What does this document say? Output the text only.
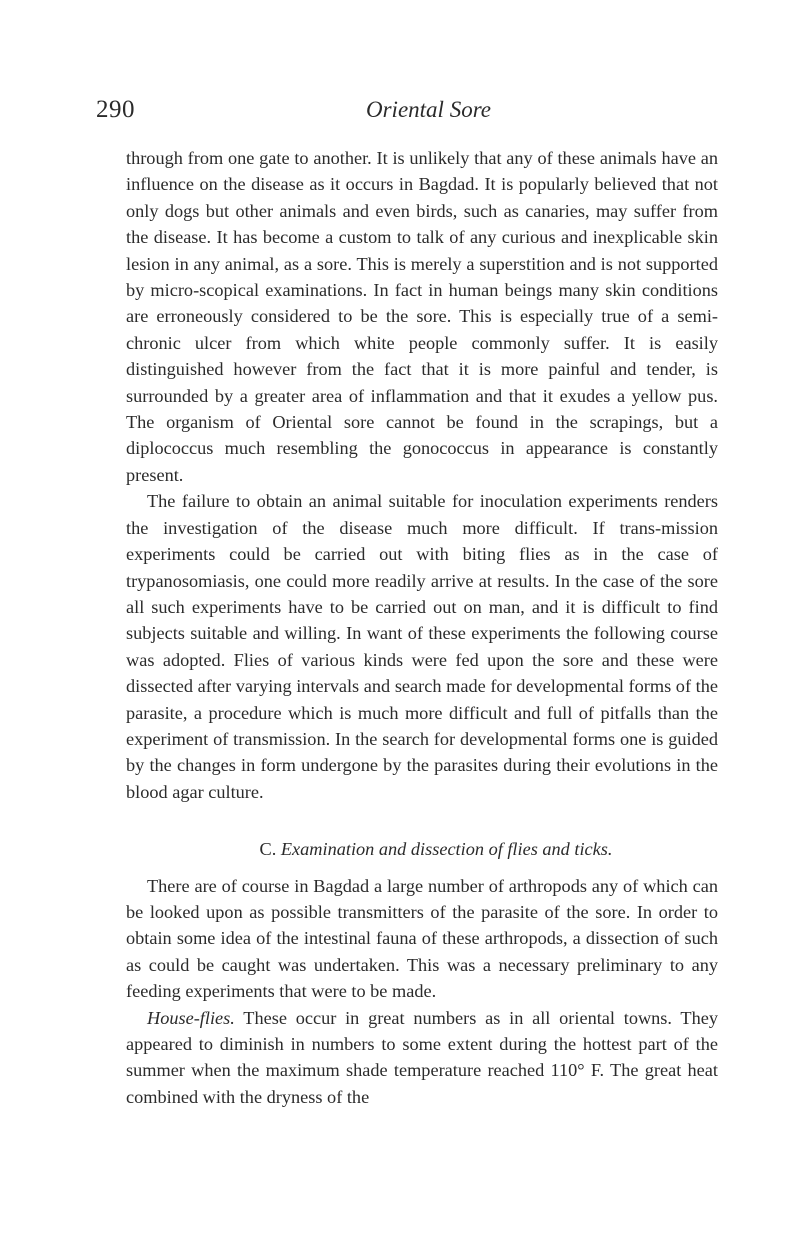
290	Oriental Sore

through from one gate to another. It is unlikely that any of these animals have an influence on the disease as it occurs in Bagdad. It is popularly believed that not only dogs but other animals and even birds, such as canaries, may suffer from the disease. It has become a custom to talk of any curious and inexplicable skin lesion in any animal, as a sore. This is merely a superstition and is not supported by micro-scopical examinations. In fact in human beings many skin conditions are erroneously considered to be the sore. This is especially true of a semi-chronic ulcer from which white people commonly suffer. It is easily distinguished however from the fact that it is more painful and tender, is surrounded by a greater area of inflammation and that it exudes a yellow pus. The organism of Oriental sore cannot be found in the scrapings, but a diplococcus much resembling the gonococcus in appearance is constantly present.

The failure to obtain an animal suitable for inoculation experiments renders the investigation of the disease much more difficult. If trans-mission experiments could be carried out with biting flies as in the case of trypanosomiasis, one could more readily arrive at results. In the case of the sore all such experiments have to be carried out on man, and it is difficult to find subjects suitable and willing. In want of these experiments the following course was adopted. Flies of various kinds were fed upon the sore and these were dissected after varying intervals and search made for developmental forms of the parasite, a procedure which is much more difficult and full of pitfalls than the experiment of transmission. In the search for developmental forms one is guided by the changes in form undergone by the parasites during their evolutions in the blood agar culture.

C. Examination and dissection of flies and ticks.

There are of course in Bagdad a large number of arthropods any of which can be looked upon as possible transmitters of the parasite of the sore. In order to obtain some idea of the intestinal fauna of these arthropods, a dissection of such as could be caught was undertaken. This was a necessary preliminary to any feeding experiments that were to be made.

House-flies. These occur in great numbers as in all oriental towns. They appeared to diminish in numbers to some extent during the hottest part of the summer when the maximum shade temperature reached 110° F. The great heat combined with the dryness of the
